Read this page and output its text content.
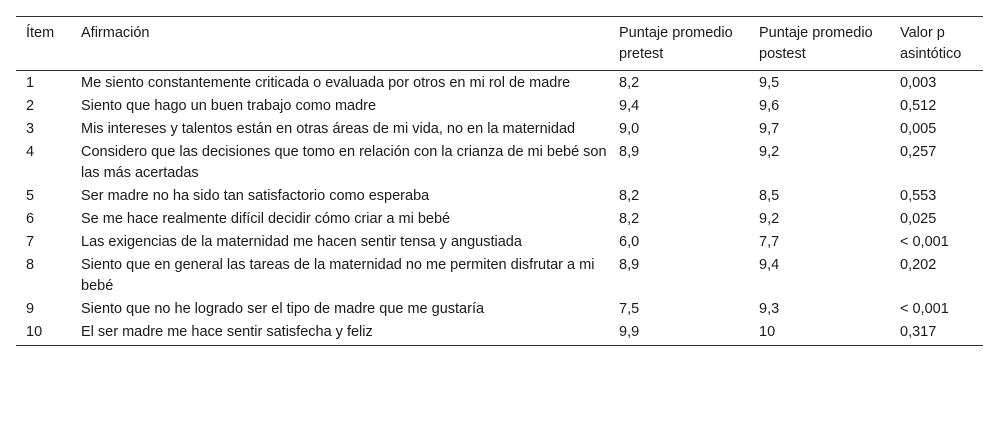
Ítem	Afirmación	Puntaje promedio pretest	Puntaje promedio postest	Valor p asintótico
1	Me siento constantemente criticada o evaluada por otros en mi rol de madre	8,2	9,5	0,003
2	Siento que hago un buen trabajo como madre	9,4	9,6	0,512
3	Mis intereses y talentos están en otras áreas de mi vida, no en la maternidad	9,0	9,7	0,005
4	Considero que las decisiones que tomo en relación con la crianza de mi bebé son las más acertadas	8,9	9,2	0,257
5	Ser madre no ha sido tan satisfactorio como esperaba	8,2	8,5	0,553
6	Se me hace realmente difícil decidir cómo criar a mi bebé	8,2	9,2	0,025
7	Las exigencias de la maternidad me hacen sentir tensa y angustiada	6,0	7,7	< 0,001
8	Siento que en general las tareas de la maternidad no me permiten disfrutar a mi bebé	8,9	9,4	0,202
9	Siento que no he logrado ser el tipo de madre que me gustaría	7,5	9,3	< 0,001
10	El ser madre me hace sentir satisfecha y feliz	9,9	10	0,317
